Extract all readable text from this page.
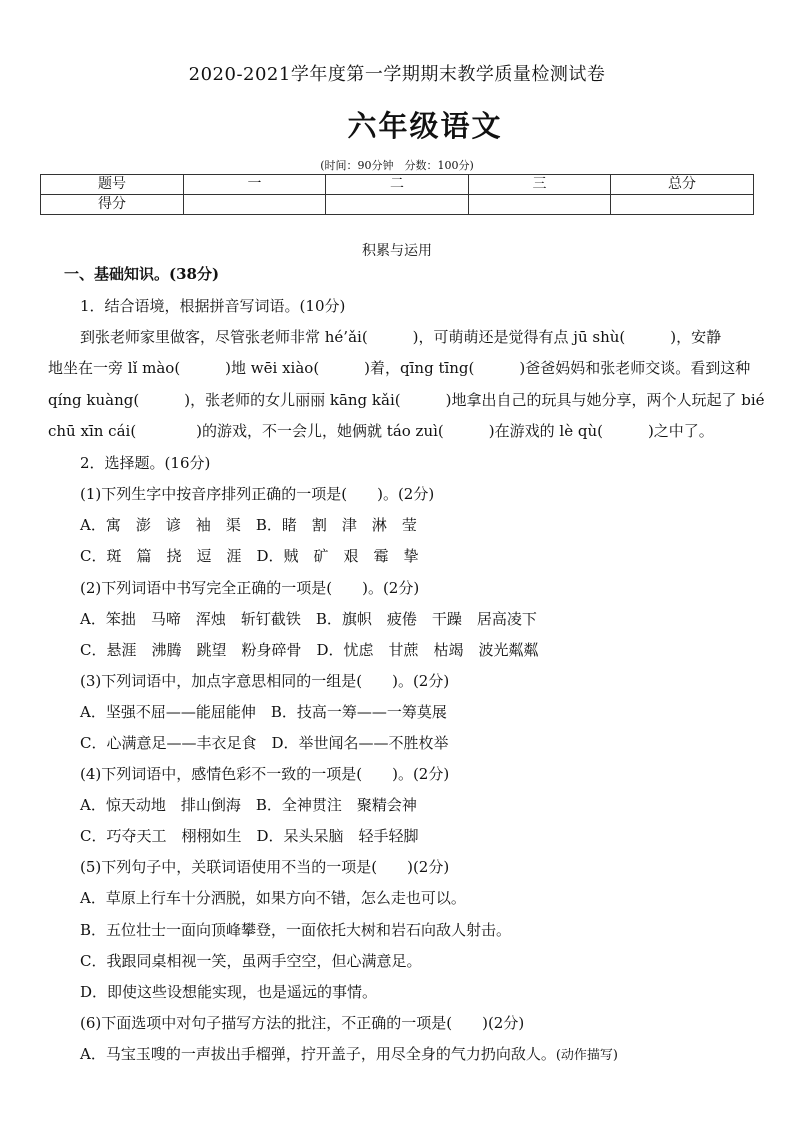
2020-2021学年度第一学期期末教学质量检测试卷
六年级语文
(时间：90分钟　分数：100分)
题号	一	二	三	总分
得分				
积累与运用
一、基础知识。(38分)
1．结合语境，根据拼音写词语。(10分)
到张老师家里做客，尽管张老师非常 hé’ǎi(　　　)，可萌萌还是觉得有点 jū shù(　　　)，安静
地坐在一旁 lǐ mào(　　　)地 wēi xiào(　　　)着，qīng tīng(　　　)爸爸妈妈和张老师交谈。看到这种
qíng kuàng(　　　)，张老师的女儿丽丽 kāng kǎi(　　　)地拿出自己的玩具与她分享，两个人玩起了 bié
chū xīn cái(　　　　)的游戏，不一会儿，她俩就 táo zuì(　　　)在游戏的 lè qù(　　　)之中了。
2．选择题。(16分)
(1)下列生字中按音序排列正确的一项是(　　)。(2分)
A．寓　澎　谚　袖　渠　B．睹　割　津　淋　莹
C．斑　篇　挠　逗　涯　D．贼　矿　艰　霉　挚
(2)下列词语中书写完全正确的一项是(　　)。(2分)
A．笨拙　马啼　浑烛　斩钉截铁　B．旗帜　疲倦　干躁　居高凌下
C．悬涯　沸腾　跳望　粉身碎骨　D．忧虑　甘蔗　枯竭　波光粼粼
(3)下列词语中，加点字意思相同的一组是(　　)。(2分)
A．坚强不屈——能屈能伸　B．技高一筹——一筹莫展
C．心满意足——丰衣足食　D．举世闻名——不胜枚举
(4)下列词语中，感情色彩不一致的一项是(　　)。(2分)
A．惊天动地　排山倒海　B．全神贯注　聚精会神
C．巧夺天工　栩栩如生　D．呆头呆脑　轻手轻脚
(5)下列句子中，关联词语使用不当的一项是(　　)(2分)
A．草原上行车十分洒脱，如果方向不错，怎么走也可以。
B．五位壮士一面向顶峰攀登，一面依托大树和岩石向敌人射击。
C．我跟同桌相视一笑，虽两手空空，但心满意足。
D．即使这些设想能实现，也是遥远的事情。
(6)下面选项中对句子描写方法的批注，不正确的一项是(　　)(2分)
A．马宝玉嗖的一声拔出手榴弹，拧开盖子，用尽全身的气力扔向敌人。(动作描写)
